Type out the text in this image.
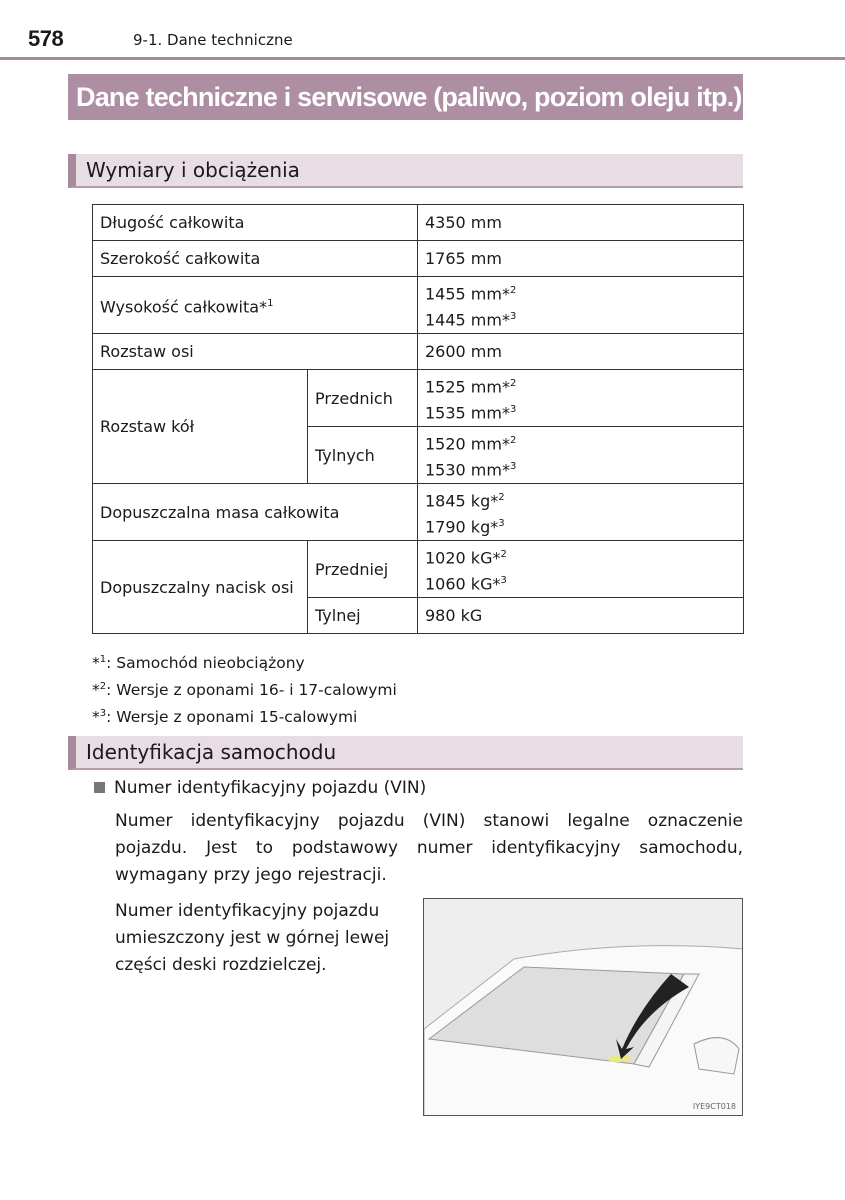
578	9-1. Dane techniczne
Dane techniczne i serwisowe (paliwo, poziom oleju itp.)
Wymiary i obciążenia
Długość całkowita		4350 mm
Szerokość całkowita		1765 mm
Wysokość całkowita*$^1$		1455 mm*$^2$
1445 mm*$^3$
Rozstaw osi		2600 mm
Rozstaw kół	Przednich	1525 mm*$^2$
1535 mm*$^3$
	Tylnych	1520 mm*$^2$
1530 mm*$^3$
Dopuszczalna masa całkowita		1845 kg*$^2$
1790 kg*$^3$
Dopuszczalny nacisk osi	Przedniej	1020 kG*$^2$
1060 kG*$^3$
	Tylnej	980 kG
*$^1$: Samochód nieobciążony
*$^2$: Wersje z oponami 16- i 17-calowymi
*$^3$: Wersje z oponami 15-calowymi
Identyfikacja samochodu
Numer identyfikacyjny pojazdu (VIN)
Numer identyfikacyjny pojazdu (VIN) stanowi legalne oznaczenie pojazdu. Jest to podstawowy numer identyfikacyjny samochodu, wymagany przy jego rejestracji.
Numer identyfikacyjny pojazdu umieszczony jest w górnej lewej części deski rozdzielczej.
IYE9CT018
